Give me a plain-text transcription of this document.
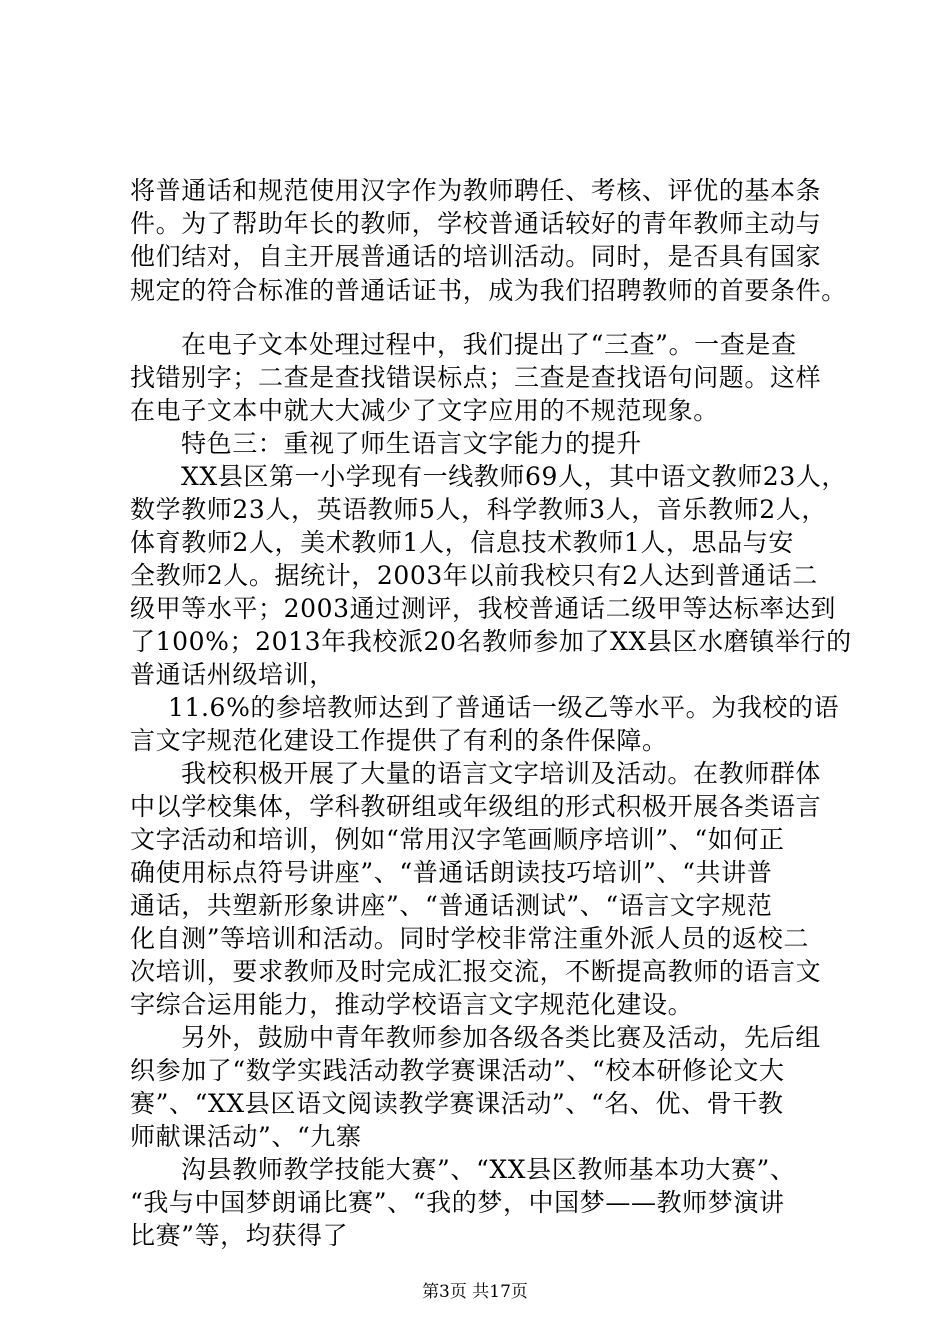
将普通话和规范使用汉字作为教师聘任、考核、评优的基本条
件。为了帮助年长的教师，学校普通话较好的青年教师主动与
他们结对，自主开展普通话的培训活动。同时，是否具有国家
规定的符合标准的普通话证书，成为我们招聘教师的首要条件。
在电子文本处理过程中，我们提出了“三查”。一查是查
找错别字；二查是查找错误标点；三查是查找语句问题。这样
在电子文本中就大大减少了文字应用的不规范现象。
特色三：重视了师生语言文字能力的提升
XX县区第一小学现有一线教师69人，其中语文教师23人，
数学教师23人，英语教师5人，科学教师3人，音乐教师2人，
体育教师2人，美术教师1人，信息技术教师1人，思品与安
全教师2人。据统计，2003年以前我校只有2人达到普通话二
级甲等水平；2003通过测评，我校普通话二级甲等达标率达到
了100%；2013年我校派20名教师参加了XX县区水磨镇举行的
普通话州级培训，
11.6%的参培教师达到了普通话一级乙等水平。为我校的语
言文字规范化建设工作提供了有利的条件保障。
我校积极开展了大量的语言文字培训及活动。在教师群体
中以学校集体，学科教研组或年级组的形式积极开展各类语言
文字活动和培训，例如“常用汉字笔画顺序培训”、“如何正
确使用标点符号讲座”、“普通话朗读技巧培训”、“共讲普
通话，共塑新形象讲座”、“普通话测试”、“语言文字规范
化自测”等培训和活动。同时学校非常注重外派人员的返校二
次培训，要求教师及时完成汇报交流，不断提高教师的语言文
字综合运用能力，推动学校语言文字规范化建设。
另外，鼓励中青年教师参加各级各类比赛及活动，先后组
织参加了“数学实践活动教学赛课活动”、“校本研修论文大
赛”、“XX县区语文阅读教学赛课活动”、“名、优、骨干教
师献课活动”、“九寨
沟县教师教学技能大赛”、“XX县区教师基本功大赛”、
“我与中国梦朗诵比赛”、“我的梦，中国梦——教师梦演讲
比赛”等，均获得了
第3页 共17页
